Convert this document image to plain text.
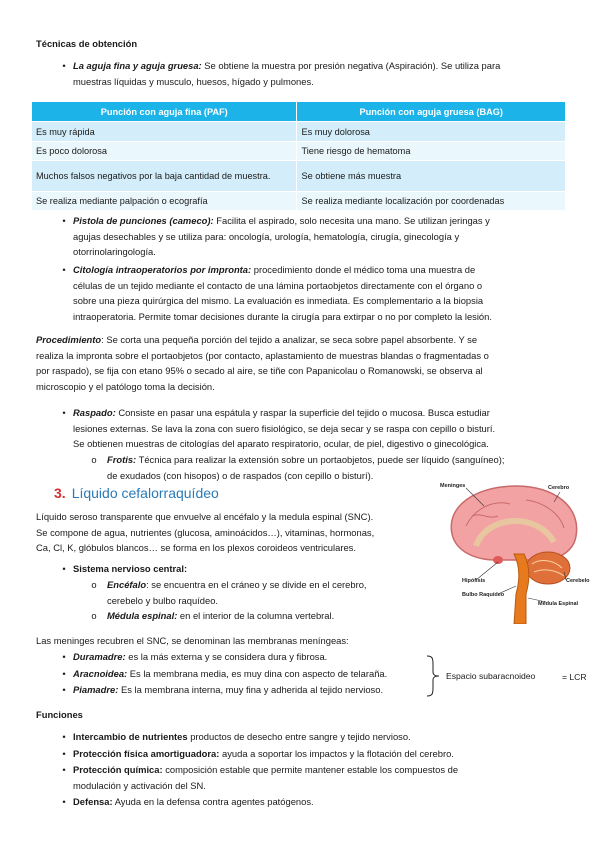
Técnicas de obtención
• La aguja fina y aguja gruesa: Se obtiene la muestra por presión negativa (Aspiración). Se utiliza para
muestras líquidas y musculo, huesos, hígado y pulmones.
Punción con aguja fina (PAF)	Punción con aguja gruesa (BAG)
Es muy rápida	Es muy dolorosa
Es poco dolorosa	Tiene riesgo de hematoma
Muchos falsos negativos por la baja cantidad de muestra.	Se obtiene más muestra
Se realiza mediante palpación o ecografía	Se realiza mediante localización por coordenadas
• Pistola de punciones (cameco): Facilita el aspirado, solo necesita una mano. Se utilizan jeringas y
agujas desechables y se utiliza para: oncología, urología, hematología, cirugía, ginecología y
otorrinolaringología.
• Citología intraoperatorios por impronta: procedimiento donde el médico toma una muestra de
células de un tejido mediante el contacto de una lámina portaobjetos directamente con el órgano o
sobre una pieza quirúrgica del mismo. La evaluación es inmediata. Es complementario a la biopsia
intraoperatoria. Permite tomar decisiones durante la cirugía para extirpar o no por completo la lesión.
Procedimiento: Se corta una pequeña porción del tejido a analizar, se seca sobre papel absorbente. Y se
realiza la impronta sobre el portaobjetos (por contacto, aplastamiento de muestras blandas o fragmentadas o
por raspado), se fija con etano 95% o secado al aire, se tiñe con Papanicolau o Romanowski, se observa al
microscopio y el patólogo toma la decisión.
• Raspado: Consiste en pasar una espátula y raspar la superficie del tejido o mucosa. Busca estudiar
lesiones externas. Se lava la zona con suero fisiológico, se deja secar y se raspa con cepillo o bisturí.
Se obtienen muestras de citologías del aparato respiratorio, ocular, de piel, digestivo o ginecológica.
o	Frotis: Técnica para realizar la extensión sobre un portaobjetos, puede ser líquido (sanguíneo);
de exudados (con hisopos) o de raspados (con cepillo o bisturí).
3. Líquido cefalorraquídeo
Líquido seroso transparente que envuelve al encéfalo y la medula espinal (SNC).
Se compone de agua, nutrientes (glucosa, aminoácidos…), vitaminas, hormonas,
Ca, Cl, K, glóbulos blancos… se forma en los plexos coroideos ventriculares.
• Sistema nervioso central:
o	Encéfalo: se encuentra en el cráneo y se divide en el cerebro,
cerebelo y bulbo raquídeo.
o	Médula espinal: en el interior de la columna vertebral.
Meninges	Cerebro
Hipófisis	Cerebelo
Bulbo Raquídeo
Médula Espinal
Las meninges recubren el SNC, se denominan las membranas meníngeas:
• Duramadre: es la más externa y se considera dura y fibrosa.
• Aracnoidea: Es la membrana media, es muy dina con aspecto de telaraña.
• Piamadre: Es la membrana interna, muy fina y adherida al tejido nervioso.
Espacio subaracnoideo	= LCR
Funciones
• Intercambio de nutrientes productos de desecho entre sangre y tejido nervioso.
• Protección física amortiguadora: ayuda a soportar los impactos y la flotación del cerebro.
• Protección química: composición estable que permite mantener estable los compuestos de
modulación y activación del SN.
• Defensa: Ayuda en la defensa contra agentes patógenos.
